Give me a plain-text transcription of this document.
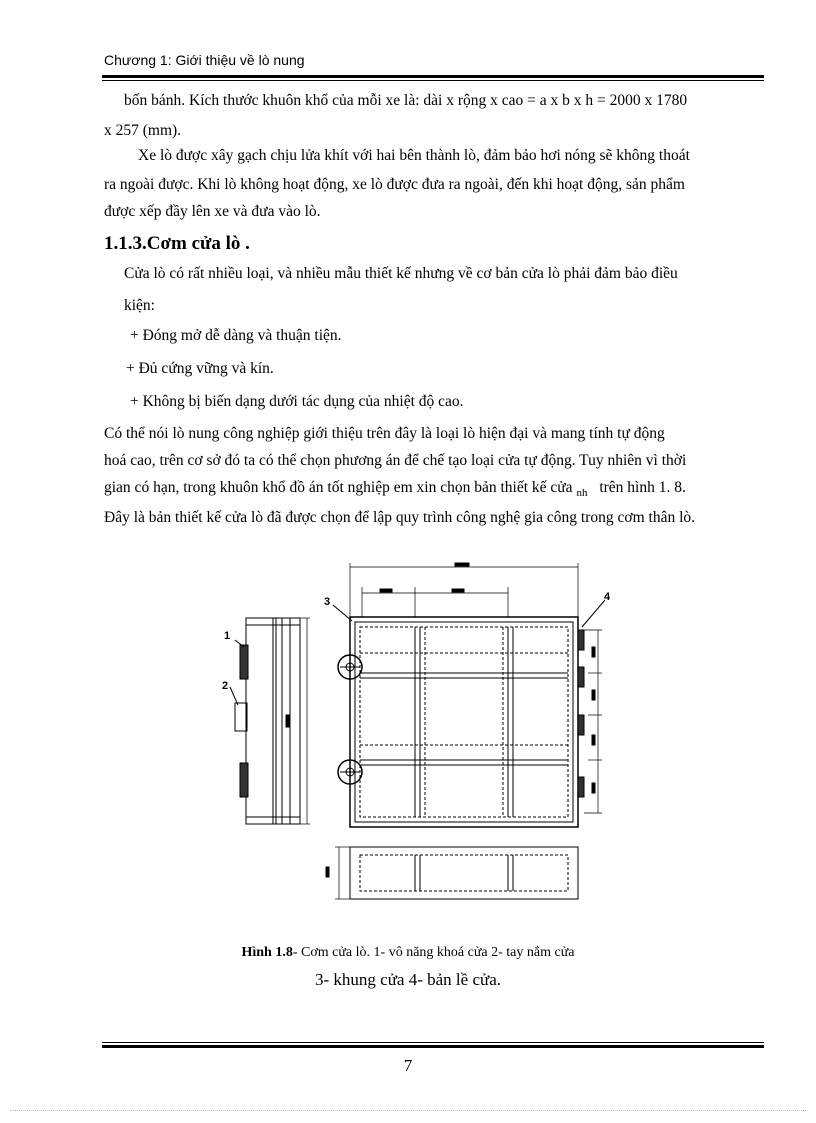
Chương 1: Giới thiệu về lò nung
bốn bánh. Kích thước khuôn khổ của mỗi xe là: dài x rộng x cao = a x b x h = 2000 x 1780
x 257 (mm).
Xe lò được xây gạch chịu lửa khít với hai bên thành lò, đảm bảo hơi nóng sẽ không thoát
ra ngoài được. Khi lò không hoạt động, xe lò được đưa ra ngoài, đến khi hoạt động, sản phẩm
được xếp đầy lên xe và đưa vào lò.
1.1.3.Cơm cửa lò .
Cửa lò có rất nhiều loại, và nhiều mẫu thiết kế nhưng về cơ bản cửa lò phải đảm bảo điều
kiện:
+ Đóng mở dễ dàng và thuận tiện.
+ Đủ cứng vững và kín.
+ Không bị biến dạng dưới tác dụng của nhiệt độ cao.
Có thể nói lò nung công nghiệp giới thiệu trên đây là loại lò hiện đại và mang tính tự động
hoá cao, trên cơ sở đó ta có thể chọn phương án để chế tạo loại cửa tự động. Tuy nhiên vì thời
gian có hạn, trong khuôn khổ đồ án tốt nghiệp em xin chọn bản thiết kế cửa $_{nh}$ trên hình 1. 8.
Đây là bản thiết kế cửa lò đã được chọn để lập quy trình công nghệ gia công trong cơm thân lò.
1
2
3	4
Hình 1.8- Cơm cửa lò. 1- vô năng khoá cửa 2- tay nắm cửa
3- khung cửa 4- bản lề cửa.
7
